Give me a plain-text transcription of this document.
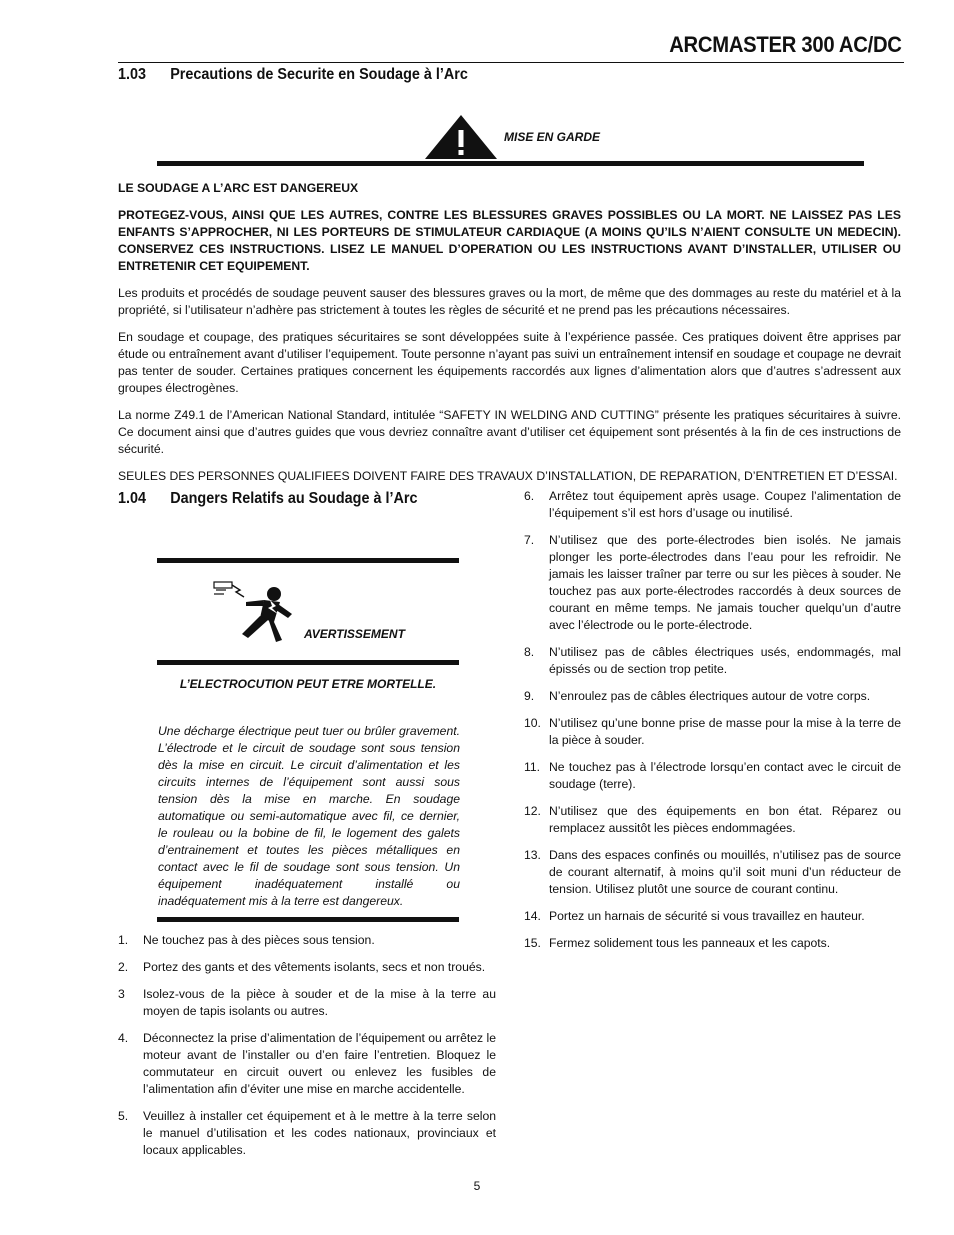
ARCMASTER 300 AC/DC
1.03 Precautions de Securite en Soudage à l’Arc
MISE EN GARDE
LE SOUDAGE A L’ARC EST DANGEREUX
PROTEGEZ-VOUS, AINSI QUE LES AUTRES, CONTRE LES BLESSURES GRAVES POSSIBLES OU LA MORT. NE LAISSEZ PAS LES ENFANTS S’APPROCHER, NI LES PORTEURS DE STIMULATEUR CARDIAQUE (A MOINS QU’ILS N’AIENT CONSULTE UN MEDECIN). CONSERVEZ CES INSTRUCTIONS. LISEZ LE MANUEL D’OPERATION OU LES INSTRUCTIONS AVANT D’INSTALLER, UTILISER OU ENTRETENIR CET EQUIPEMENT.
Les produits et procédés de soudage peuvent sauser des blessures graves ou la mort, de même que des dommages au reste du matériel et à la propriété, si l’utilisateur n’adhère pas strictement à toutes les règles de sécurité et ne prend pas les précautions nécessaires.
En soudage et coupage, des pratiques sécuritaires se sont développées suite à l’expérience passée. Ces pratiques doivent être apprises par étude ou entraînement avant d’utiliser l’equipement. Toute personne n’ayant pas suivi un entraînement intensif en soudage et coupage ne devrait pas tenter de souder. Certaines pratiques concernent les équipements raccordés aux lignes d’alimentation alors que d’autres s’adressent aux groupes électrogènes.
La norme Z49.1 de l’American National Standard, intitulée “SAFETY IN WELDING AND CUTTING” présente les pratiques sécuritaires à suivre. Ce document ainsi que d’autres guides que vous devriez connaître avant d’utiliser cet équipement sont présentés à la fin de ces instructions de sécurité.
SEULES DES PERSONNES QUALIFIEES DOIVENT FAIRE DES TRAVAUX D’INSTALLATION, DE REPARATION, D’ENTRETIEN ET D’ESSAI.
1.04 Dangers Relatifs au Soudage à l’Arc
AVERTISSEMENT
L’ELECTROCUTION PEUT ETRE MORTELLE.
Une décharge électrique peut tuer ou brûler gravement. L’électrode et le circuit de soudage sont sous tension dès la mise en circuit. Le circuit d’alimentation et les circuits internes de l’équipement sont aussi sous tension dès la mise en marche. En soudage automatique ou semi-automatique avec fil, ce dernier, le rouleau ou la bobine de fil, le logement des galets d’entrainement et toutes les pièces métalliques en contact avec le fil de soudage sont sous tension. Un équipement inadéquatement installé ou inadéquatement mis à la terre est dangereux.
1. Ne touchez pas à des pièces sous tension.
2. Portez des gants et des vêtements isolants, secs et non troués.
3 Isolez-vous de la pièce à souder et de la mise à la terre au moyen de tapis isolants ou autres.
4. Déconnectez la prise d’alimentation de l’équipement ou arrêtez le moteur avant de l’installer ou d’en faire l’entretien. Bloquez le commutateur en circuit ouvert ou enlevez les fusibles de l’alimentation afin d’éviter une mise en marche accidentelle.
5. Veuillez à installer cet équipement et à le mettre à la terre selon le manuel d’utilisation et les codes nationaux, provinciaux et locaux applicables.
6. Arrêtez tout équipement après usage. Coupez l’alimentation de l’équipement s’il est hors d’usage ou inutilisé.
7. N’utilisez que des porte-électrodes bien isolés. Ne jamais plonger les porte-électrodes dans l’eau pour les refroidir. Ne jamais les laisser traîner par terre ou sur les pièces à souder. Ne touchez pas aux porte-électrodes raccordés à deux sources de courant en même temps. Ne jamais toucher quelqu’un d’autre avec l’électrode ou le porte-électrode.
8. N’utilisez pas de câbles électriques usés, endommagés, mal épissés ou de section trop petite.
9. N’enroulez pas de câbles électriques autour de votre corps.
10. N’utilisez qu’une bonne prise de masse pour la mise à la terre de la pièce à souder.
11. Ne touchez pas à l’électrode lorsqu’en contact avec le circuit de soudage (terre).
12. N’utilisez que des équipements en bon état. Réparez ou remplacez aussitôt les pièces endommagées.
13. Dans des espaces confinés ou mouillés, n’utilisez pas de source de courant alternatif, à moins qu’il soit muni d’un réducteur de tension. Utilisez plutôt une source de courant continu.
14. Portez un harnais de sécurité si vous travaillez en hauteur.
15. Fermez solidement tous les panneaux et les capots.
5
